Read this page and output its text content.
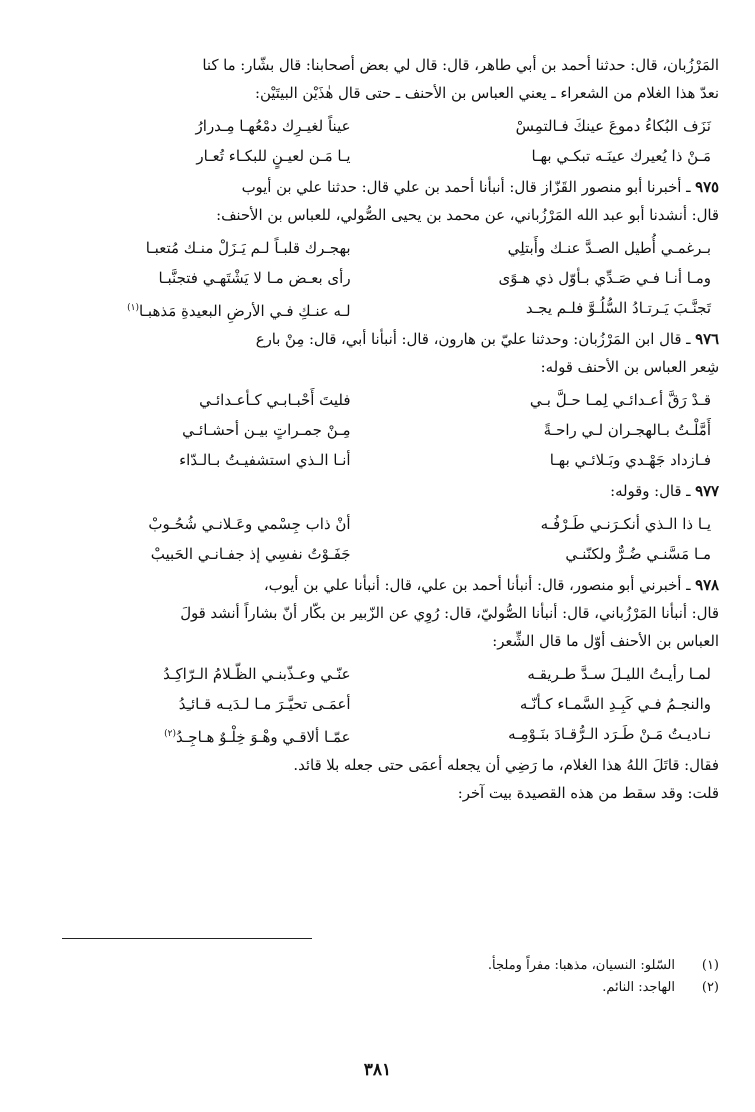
المَرْزُبان، قال: حدثنا أحمد بن أبي طاهر، قال: قال لي بعض أصحابنا: قال بشّار: ما كنا

نعدّ هذا الغلام من الشعراء ـ يعني العباس بن الأحنف ـ حتى قال هٰذَيْن البيتَيْن:

نَزَف البُكاءُ دموعَ عينكَ فـالتمِسْ
عيناً لغيـرِك دمْعُهـا مِـدرارُ
مَـنْ ذا يُعيرك عينَـه تبكـي بهـا
يـا مَـن لعيـنٍ للبكـاء تُعـار

٩٧٥ ـ أخبرنا أبو منصور القَزّاز قال: أنبأنا أحمد بن علي قال: حدثنا علي بن أيوب

قال: أنشدنا أبو عبد الله المَرْزُباني، عن محمد بن يحيى الصُّولي، للعباس بن الأحنف:

بـرغمـي أُطيل الصـدَّ عنـك وأَبتلِي
بهجـرك قلبـاً لـم يَـزَلْ منـك مُتعبـا
ومـا أنـا فـي صَـدِّي بـأوّل ذي هـوًى
رأى بعـض مـا لا يَشْتَهـي فتجنَّبـا
تَجنَّـبَ يَـرتـادُ السُّلُـوَّ فلـم يجـد
لـه عنـكِ فـي الأرضِ البعيدةِ مَذهبـا$^{(١)}$

٩٧٦ ـ قال ابن المَرْزُبان: وحدثنا عليّ بن هارون، قال: أنبأنا أبي، قال: مِنْ بارع

شِعر العباس بن الأحنف قوله:

قـدْ رَقَّ أعـدائـي لِمـا حـلَّ بـي
فليتَ أَحْبـابـي كـأعـدائـي
أَمَّلْـتُ بـالهجـران لـي راحـةً
مِـنْ جمـراتٍ بيـن أحشـائـي
فـازداد جَهْـدي وبَـلائـي بهـا
أنـا الـذي استشفيـتُ بـالـدّاء

٩٧٧ ـ قال: وقوله:

يـا ذا الـذي أنكـرَنـي طَـرْفُـه
أنْ ذاب جِسْمي وعَـلانـي شُحُـوبْ
مـا مَسَّنـي ضُـرٌّ ولكنّنـي
جَفَـوْتُ نفسِي إذ جفـانـي الحَبيبْ

٩٧٨ ـ أخبرني أبو منصور، قال: أنبأنا أحمد بن علي، قال: أنبأنا علي بن أيوب،

قال: أنبأنا المَرْزُباني، قال: أنبأنا الصُّوليّ، قال: رُوِي عن الزّبير بن بكّار أنّ بشاراً أنشد قولَ

العباس بن الأحنف أوّل ما قال الشِّعر:

لمـا رأيـتُ الليـلَ سـدَّ طـريقـه
عنّـي وعـذّبنـي الظّـلامُ الـرّاكِـدُ
والنجـمُ فـي كَبِـدِ السَّمـاء كـأنّـه
أعمَـى تحيَّـرَ مـا لـدَيـه قـائـِدُ
نـاديـتُ مَـنْ طَـرَد الـرُّقـادَ بنَـوْمِـه
عمّـا ألاقـي وهْـوَ خِلْـوٌ هـاجِـدُ$^{(٢)}$

فقال: قاتَلَ اللهُ هذا الغلام، ما رَضِي أن يجعله أعمَى حتى جعله بلا قائد.

قلت: وقد سقط من هذه القصيدة بيت آخر:

(١)
السّلو: النسيان، مذهبا: مفراً وملجأ.
(٢)
الهاجد: النائم.
٣٨١
